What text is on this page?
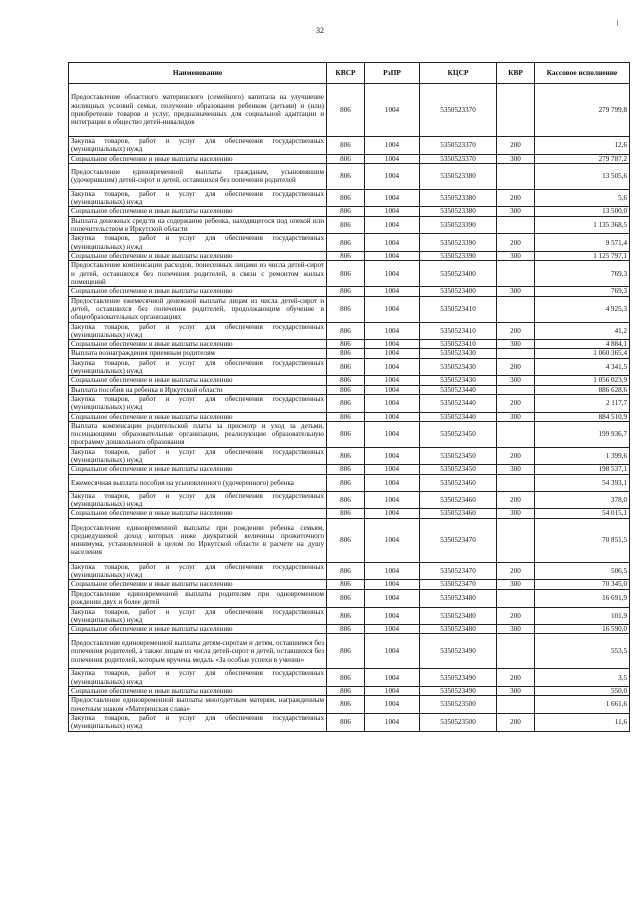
32
Наименование	КВСР	РзПР	КЦСР	КВР	Кассовое исполнение
Предоставление областного материнского (семейного) капитала на улучшение жилищных условий семьи, получение образования ребенком (детьми) и (или) приобретение товаров и услуг, предназначенных для социальной адаптации и интеграции в общество детей-инвалидов	806	1004	5350523370		279 799,8
Закупка товаров, работ и услуг для обеспечения государственных (муниципальных) нужд	806	1004	5350523370	200	12,6
Социальное обеспечение и иные выплаты населению	806	1004	5350523370	300	279 787,2
Предоставление единовременной выплаты гражданам, усыновившим (удочерившим) детей-сирот и детей, оставшихся без попечения родителей	806	1004	5350523380		13 505,6
Закупка товаров, работ и услуг для обеспечения государственных (муниципальных) нужд	806	1004	5350523380	200	5,6
Социальное обеспечение и иные выплаты населению	806	1004	5350523380	300	13 500,0
Выплата денежных средств на содержание ребенка, находящегося под опекой или попечительством в Иркутской области	806	1004	5350523390		1 135 368,5
Закупка товаров, работ и услуг для обеспечения государственных (муниципальных) нужд	806	1004	5350523390	200	9 571,4
Социальное обеспечение и иные выплаты населению	806	1004	5350523390	300	1 125 797,1
Предоставление компенсации расходов, понесенных лицами из числа детей-сирот и детей, оставшихся без попечения родителей, в связи с ремонтом жилых помещений	806	1004	5350523400		769,3
Социальное обеспечение и иные выплаты населению	806	1004	5350523400	300	769,3
Предоставление ежемесячной денежной выплаты лицам из числа детей-сирот и детей, оставшихся без попечения родителей, продолжающим обучение в общеобразовательных организациях	806	1004	5350523410		4 925,3
Закупка товаров, работ и услуг для обеспечения государственных (муниципальных) нужд	806	1004	5350523410	200	41,2
Социальное обеспечение и иные выплаты населению	806	1004	5350523410	300	4 884,1
Выплата вознаграждения приемным родителям	806	1004	5350523430		1 060 365,4
Закупка товаров, работ и услуг для обеспечения государственных (муниципальных) нужд	806	1004	5350523430	200	4 341,5
Социальное обеспечение и иные выплаты населению	806	1004	5350523430	300	1 056 023,9
Выплата пособия на ребенка в Иркутской области	806	1004	5350523440		886 628,6
Закупка товаров, работ и услуг для обеспечения государственных (муниципальных) нужд	806	1004	5350523440	200	2 117,7
Социальное обеспечение и иные выплаты населению	806	1004	5350523440	300	884 510,9
Выплата компенсации родительской платы за присмотр и уход за детьми, посещающими образовательные организации, реализующие образовательную программу дошкольного образования	806	1004	5350523450		199 936,7
Закупка товаров, работ и услуг для обеспечения государственных (муниципальных) нужд	806	1004	5350523450	200	1 399,6
Социальное обеспечение и иные выплаты населению	806	1004	5350523450	300	198 537,1
Ежемесячная выплата пособия на усыновленного (удочеренного) ребенка	806	1004	5350523460		54 393,1
Закупка товаров, работ и услуг для обеспечения государственных (муниципальных) нужд	806	1004	5350523460	200	378,0
Социальное обеспечение и иные выплаты населению	806	1004	5350523460	300	54 015,1
Предоставление единовременной выплаты при рождении ребенка семьям, среднедушевой доход которых ниже двукратной величины прожиточного минимума, установленной в целом по Иркутской области в расчете на душу населения	806	1004	5350523470		70 851,5
Закупка товаров, работ и услуг для обеспечения государственных (муниципальных) нужд	806	1004	5350523470	200	506,5
Социальное обеспечение и иные выплаты населению	806	1004	5350523470	300	70 345,0
Предоставление единовременной выплаты родителям при одновременном рождении двух и более детей	806	1004	5350523480		16 691,9
Закупка товаров, работ и услуг для обеспечения государственных (муниципальных) нужд	806	1004	5350523480	200	101,9
Социальное обеспечение и иные выплаты населению	806	1004	5350523480	300	16 590,0
Предоставление единовременной выплаты детям-сиротам и детям, оставшимся без попечения родителей, а также лицам из числа детей-сирот и детей, оставшихся без попечения родителей, которым вручена медаль «За особые успехи в учении»	806	1004	5350523490		553,5
Закупка товаров, работ и услуг для обеспечения государственных (муниципальных) нужд	806	1004	5350523490	200	3,5
Социальное обеспечение и иные выплаты населению	806	1004	5350523490	300	550,0
Предоставление единовременной выплаты многодетным матерям, награжденным почетным знаком «Материнская слава»	806	1004	5350523500		1 661,6
Закупка товаров, работ и услуг для обеспечения государственных (муниципальных) нужд	806	1004	5350523500	200	11,6
